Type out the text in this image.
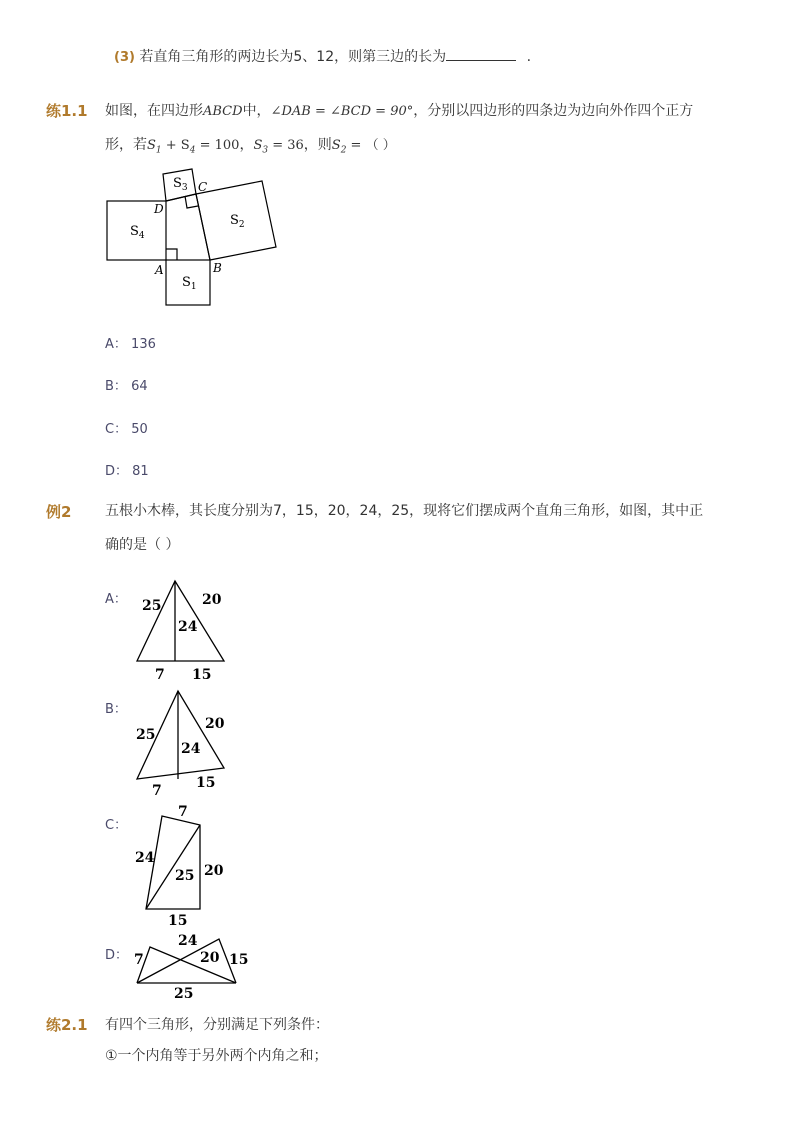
(3) 若直角三角形的两边长为5、12，则第三边的长为	.
练1.1 如图，在四边形ABCD中，∠DAB = ∠BCD = 90°，分别以四边形的四条边为边向外作四个正方
形，若$S_1 + S_4 = 100$，$S_3 = 36$，则$S_2$ = （ ）
D
A	B
C
$S_4$
$S_1$
$S_3$
$S_2$
A： 136
B： 64
C： 50
D： 81
例2 五根小木棒，其长度分别为7，15，20，24，25，现将它们摆成两个直角三角形，如图，其中正
确的是（ ）
A： 25	20
24
7 15
B：
25
20
24
7 15
C：
7
24
25 20
15
D：
24
7	20 15
25
练2.1 有四个三角形，分别满足下列条件：
①一个内角等于另外两个内角之和；
